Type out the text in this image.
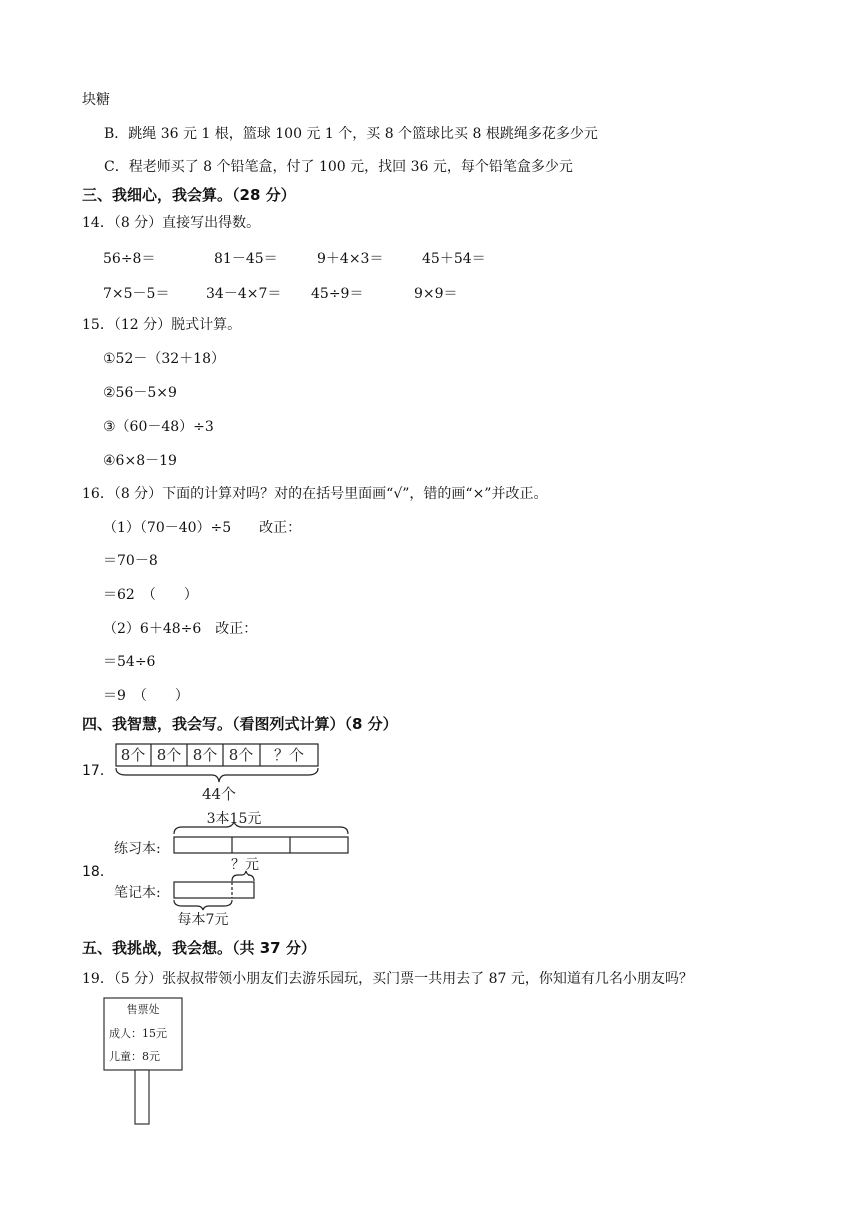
块糖
B．跳绳 36 元 1 根，篮球 100 元 1 个，买 8 个篮球比买 8 根跳绳多花多少元
C．程老师买了 8 个铅笔盒，付了 100 元，找回 36 元，每个铅笔盒多少元
三、我细心，我会算。（28 分）
14．（8 分）直接写出得数。
56÷8＝	81－45＝	9＋4×3＝	45＋54＝
7×5－5＝	34－4×7＝ 45÷9＝	9×9＝
15．（12 分）脱式计算。
①52－（32＋18）
②56－5×9
③（60－48）÷3
④6×8－19
16．（8 分）下面的计算对吗？对的在括号里面画“√”，错的画“×”并改正。
（1）（70－40）÷5　　改正：
＝70－8
＝62　（　　）
（2）6＋48÷6　改正：
＝54÷6
＝9　（　　）
四、我智慧，我会写。（看图列式计算）（8 分）
17．
8个 8个 8个 8个 ？个
44个
18．
3本15元
练习本:
？元
笔记本:
每本7元
五、我挑战，我会想。（共 37 分）
19．（5 分）张叔叔带领小朋友们去游乐园玩，买门票一共用去了 87 元，你知道有几名小朋友吗？
售票处
成人：15元
儿童：8元
